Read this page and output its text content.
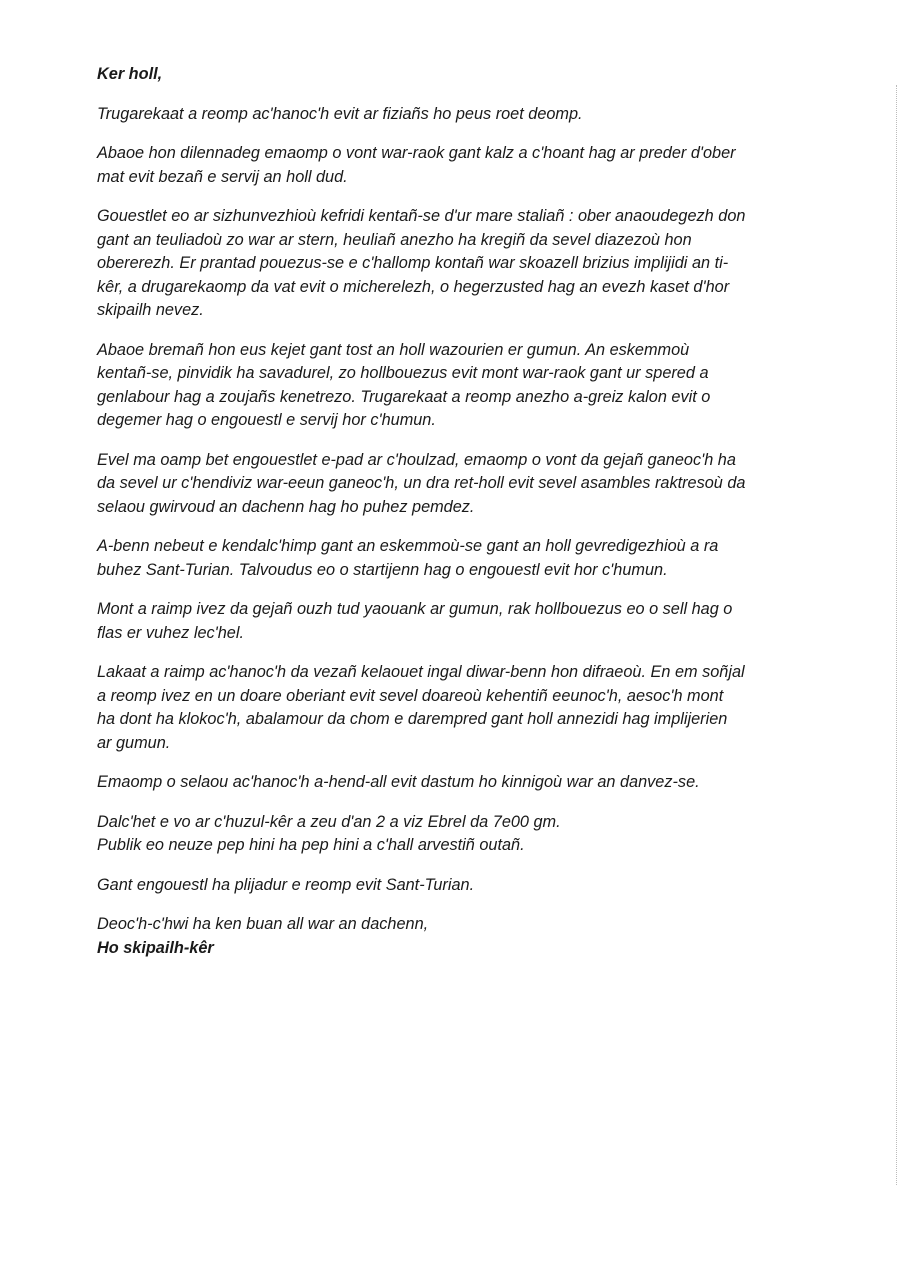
Ker holl,

Trugarekaat a reomp ac'hanoc'h evit ar fiziañs ho peus roet deomp.

Abaoe hon dilennadeg emaomp o vont war-raok gant kalz a c'hoant hag ar preder d'ober
mat evit bezañ e servij an holl dud.

Gouestlet eo ar sizhunvezhioù kefridi kentañ-se d'ur mare staliañ : ober anaoudegezh don
gant an teuliadoù zo war ar stern, heuliañ anezho ha kregiñ da sevel diazezoù hon
obererezh. Er prantad pouezus-se e c'hallomp kontañ war skoazell brizius implijidi an ti-
kêr, a drugarekaomp da vat evit o micherelezh, o hegerzusted hag an evezh kaset d'hor
skipailh nevez.

Abaoe bremañ hon eus kejet gant tost an holl wazourien er gumun. An eskemmoù
kentañ-se, pinvidik ha savadurel, zo hollbouezus evit mont war-raok gant ur spered a
genlabour hag a zoujañs kenetrezo. Trugarekaat a reomp anezho a-greiz kalon evit o
degemer hag o engouestl e servij hor c'humun.

Evel ma oamp bet engouestlet e-pad ar c'houlzad, emaomp o vont da gejañ ganeoc'h ha
da sevel ur c'hendiviz war-eeun ganeoc'h, un dra ret-holl evit sevel asambles raktresoù da
selaou gwirvoud an dachenn hag ho puhez pemdez.

A-benn nebeut e kendalc'himp gant an eskemmoù-se gant an holl gevredigezhioù a ra
buhez Sant-Turian. Talvoudus eo o startijenn hag o engouestl evit hor c'humun.

Mont a raimp ivez da gejañ ouzh tud yaouank ar gumun, rak hollbouezus eo o sell hag o
flas er vuhez lec'hel.

Lakaat a raimp ac'hanoc'h da vezañ kelaouet ingal diwar-benn hon difraeoù. En em soñjal
a reomp ivez en un doare oberiant evit sevel doareoù kehentiñ eeunoc'h, aesoc'h mont
ha dont ha klokoc'h, abalamour da chom e darempred gant holl annezidi hag implijerien
ar gumun.

Emaomp o selaou ac'hanoc'h a-hend-all evit dastum ho kinnigoù war an danvez-se.

Dalc'het e vo ar c'huzul-kêr a zeu d'an 2 a viz Ebrel da 7e00 gm.
Publik eo neuze pep hini ha pep hini a c'hall arvestiñ outañ.

Gant engouestl ha plijadur e reomp evit Sant-Turian.

Deoc'h-c'hwi ha ken buan all war an dachenn,
Ho skipailh-kêr
